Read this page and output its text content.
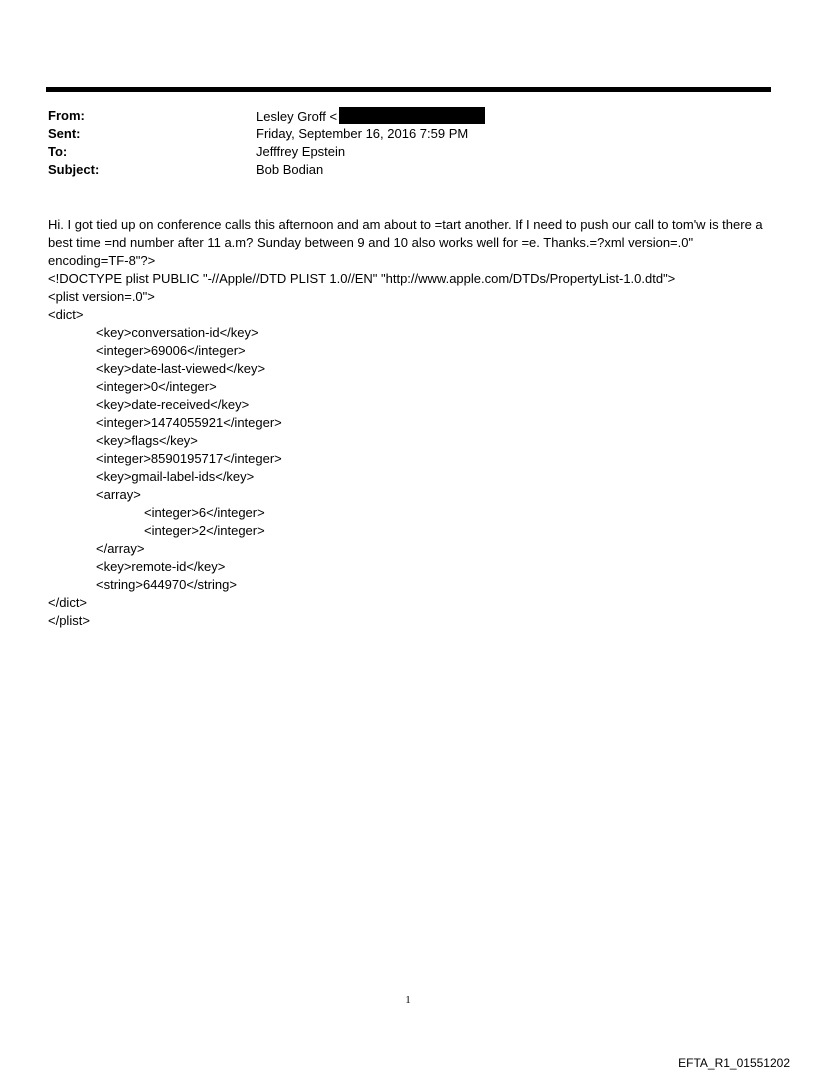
From:	Lesley Groff <
Sent:	Friday, September 16, 2016 7:59 PM
To:	Jefffrey Epstein
Subject:	Bob Bodian

Hi. I got tied up on conference calls this afternoon and am about to =tart another. If I need to push our call to tom'w is there a best time =nd number after 11 a.m? Sunday between 9 and 10 also works well for =e. Thanks.=?xml version=.0" encoding=TF-8"?>

<!DOCTYPE plist PUBLIC "-//Apple//DTD PLIST 1.0//EN" "http://www.apple.com/DTDs/PropertyList-1.0.dtd">
<plist version=.0">
<dict>
<key>conversation-id</key>
<integer>69006</integer>
<key>date-last-viewed</key>
<integer>0</integer>
<key>date-received</key>
<integer>1474055921</integer>
<key>flags</key>
<integer>8590195717</integer>
<key>gmail-label-ids</key>
<array>
<integer>6</integer>
<integer>2</integer>
</array>
<key>remote-id</key>
<string>644970</string>
</dict>
</plist>
1
EFTA_R1_01551202
